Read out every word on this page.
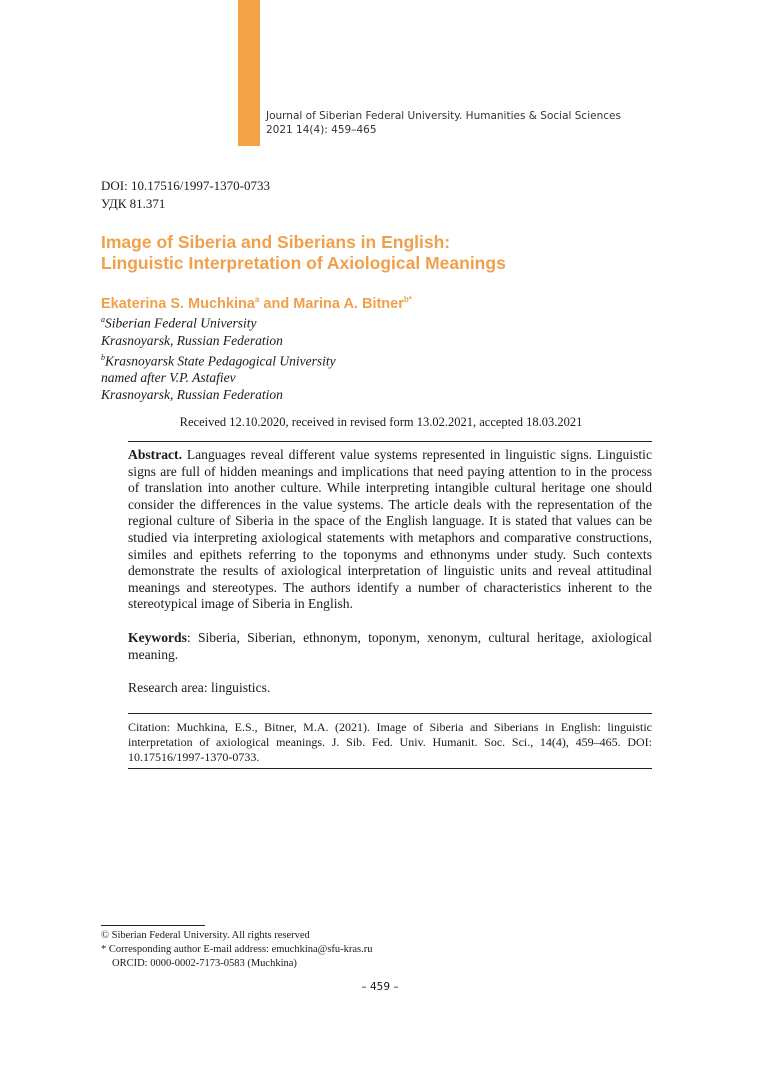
Journal of Siberian Federal University. Humanities & Social Sciences
2021 14(4): 459–465
DOI: 10.17516/1997-1370-0733
УДК 81.371
Image of Siberia and Siberians in English:
Linguistic Interpretation of Axiological Meanings
Ekaterina S. Muchkina$^a$ and Marina A. Bitner$^{b*}$
$^a$Siberian Federal University
Krasnoyarsk, Russian Federation
$^b$Krasnoyarsk State Pedagogical University
named after V.P. Astafiev
Krasnoyarsk, Russian Federation
Received 12.10.2020, received in revised form 13.02.2021, accepted 18.03.2021
Abstract. Languages reveal different value systems represented in linguistic signs. Linguistic signs are full of hidden meanings and implications that need paying attention to in the process of translation into another culture. While interpreting intangible cultural heritage one should consider the differences in the value systems. The article deals with the representation of the regional culture of Siberia in the space of the English language. It is stated that values can be studied via interpreting axiological statements with metaphors and comparative constructions, similes and epithets referring to the toponyms and ethnonyms under study. Such contexts demonstrate the results of axiological interpretation of linguistic units and reveal attitudinal meanings and stereotypes. The authors identify a number of characteristics inherent to the stereotypical image of Siberia in English.
Keywords: Siberia, Siberian, ethnonym, toponym, xenonym, cultural heritage, axiological meaning.
Research area: linguistics.
Citation: Muchkina, E.S., Bitner, M.A. (2021). Image of Siberia and Siberians in English: linguistic interpretation of axiological meanings. J. Sib. Fed. Univ. Humanit. Soc. Sci., 14(4), 459–465. DOI: 10.17516/1997-1370-0733.
© Siberian Federal University. All rights reserved
* Corresponding author E-mail address: emuchkina@sfu-kras.ru
ORCID: 0000-0002-7173-0583 (Muchkina)
– 459 –
